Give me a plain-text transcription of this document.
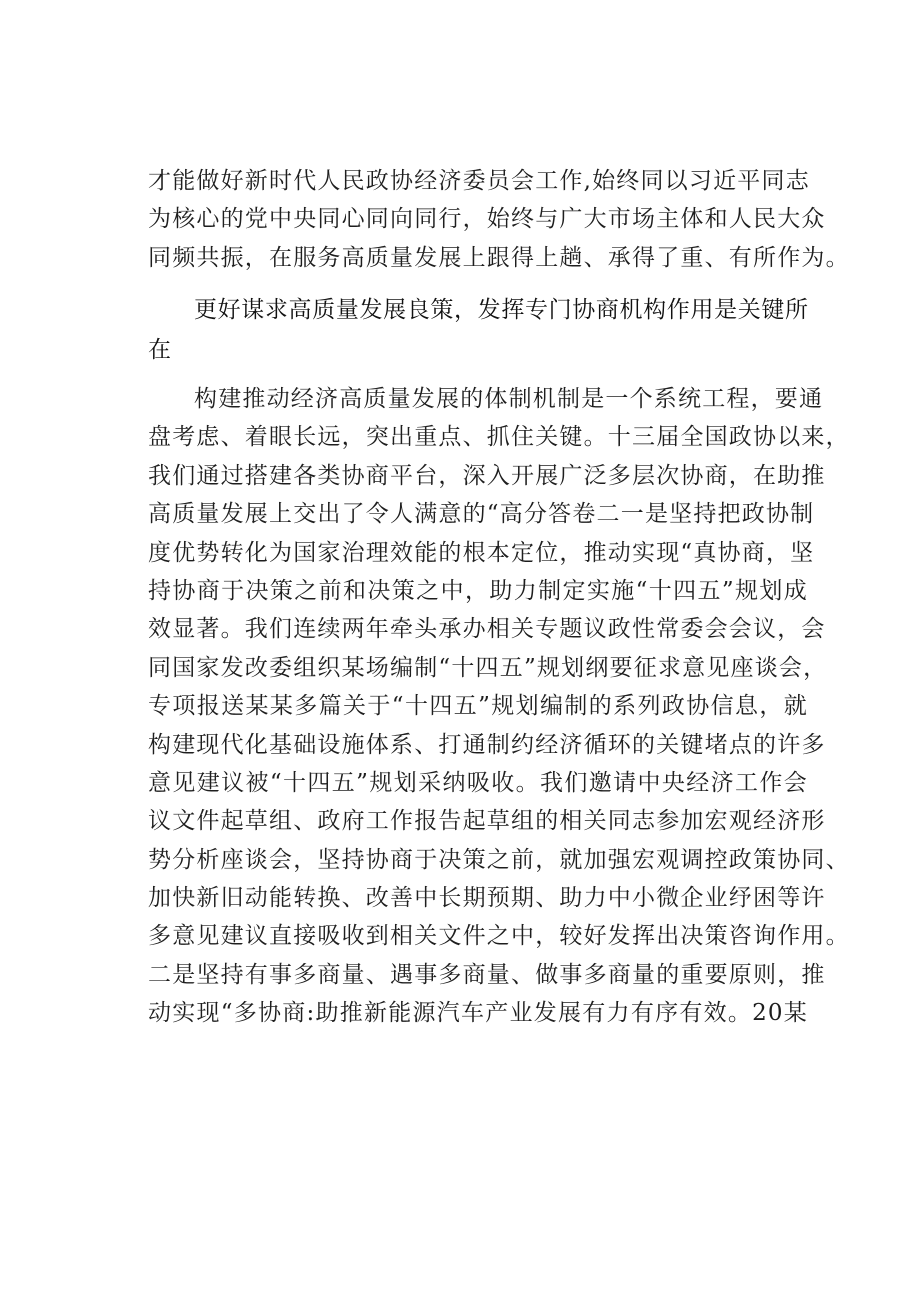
才能做好新时代人民政协经济委员会工作,始终同以习近平同志
为核心的党中央同心同向同行，始终与广大市场主体和人民大众
同频共振，在服务高质量发展上跟得上趟、承得了重、有所作为。
更好谋求高质量发展良策，发挥专门协商机构作用是关键所
在
构建推动经济高质量发展的体制机制是一个系统工程，要通
盘考虑、着眼长远，突出重点、抓住关键。十三届全国政协以来，
我们通过搭建各类协商平台，深入开展广泛多层次协商，在助推
高质量发展上交出了令人满意的“高分答卷二一是坚持把政协制
度优势转化为国家治理效能的根本定位，推动实现“真协商，坚
持协商于决策之前和决策之中，助力制定实施“十四五”规划成
效显著。我们连续两年牵头承办相关专题议政性常委会会议，会
同国家发改委组织某场编制“十四五”规划纲要征求意见座谈会，
专项报送某某多篇关于“十四五”规划编制的系列政协信息，就
构建现代化基础设施体系、打通制约经济循环的关键堵点的许多
意见建议被“十四五”规划采纳吸收。我们邀请中央经济工作会
议文件起草组、政府工作报告起草组的相关同志参加宏观经济形
势分析座谈会，坚持协商于决策之前，就加强宏观调控政策协同、
加快新旧动能转换、改善中长期预期、助力中小微企业纾困等许
多意见建议直接吸收到相关文件之中，较好发挥出决策咨询作用。
二是坚持有事多商量、遇事多商量、做事多商量的重要原则，推
动实现“多协商:助推新能源汽车产业发展有力有序有效。20某
